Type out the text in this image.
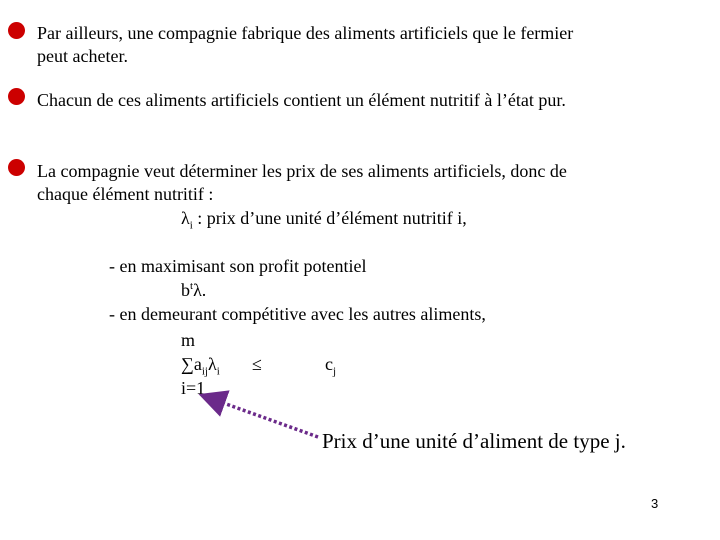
Par ailleurs, une compagnie fabrique des aliments artificiels que le fermier peut acheter.

Chacun de ces aliments artificiels contient un élément nutritif à l’état pur.

La compagnie veut déterminer les prix de ses aliments artificiels, donc de chaque élément nutritif :

$\lambda_i$ : prix d’une unité d’élément nutritif i,
- en maximisant son profit potentiel
$b^t\lambda$.
- en demeurant compétitive avec les autres aliments,
m
$\sum a_{ij}\lambda_i$ ≤	$c_j$
i=1
Prix d’une unité d’aliment de type j.
3
